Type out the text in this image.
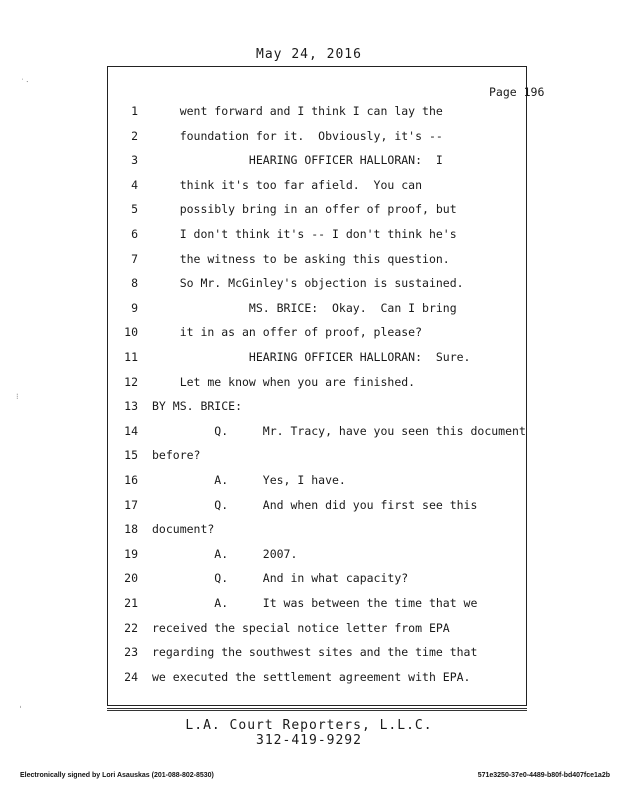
May 24, 2016
Page 196
1 went forward and I think I can lay the
2 foundation for it.  Obviously, it's --
3 HEARING OFFICER HALLORAN:  I
4 think it's too far afield.  You can
5 possibly bring in an offer of proof, but
6 I don't think it's -- I don't think he's
7 the witness to be asking this question.
8 So Mr. McGinley's objection is sustained.
9 MS. BRICE:  Okay.  Can I bring
10 it in as an offer of proof, please?
11 HEARING OFFICER HALLORAN:  Sure.
12 Let me know when you are finished.
13 BY MS. BRICE:
14 Q.     Mr. Tracy, have you seen this document
15 before?
16 A.     Yes, I have.
17 Q.     And when did you first see this
18 document?
19 A.     2007.
20 Q.     And in what capacity?
21 A.     It was between the time that we
22 received the special notice letter from EPA
23 regarding the southwest sites and the time that
24 we executed the settlement agreement with EPA.
L.A. Court Reporters, L.L.C.
312-419-9292
Electronically signed by Lori Asauskas (201-088-802-8530)	571e3250-37e0-4489-b80f-bd407fce1a2b
˙ˑ
⁝
ˌ
